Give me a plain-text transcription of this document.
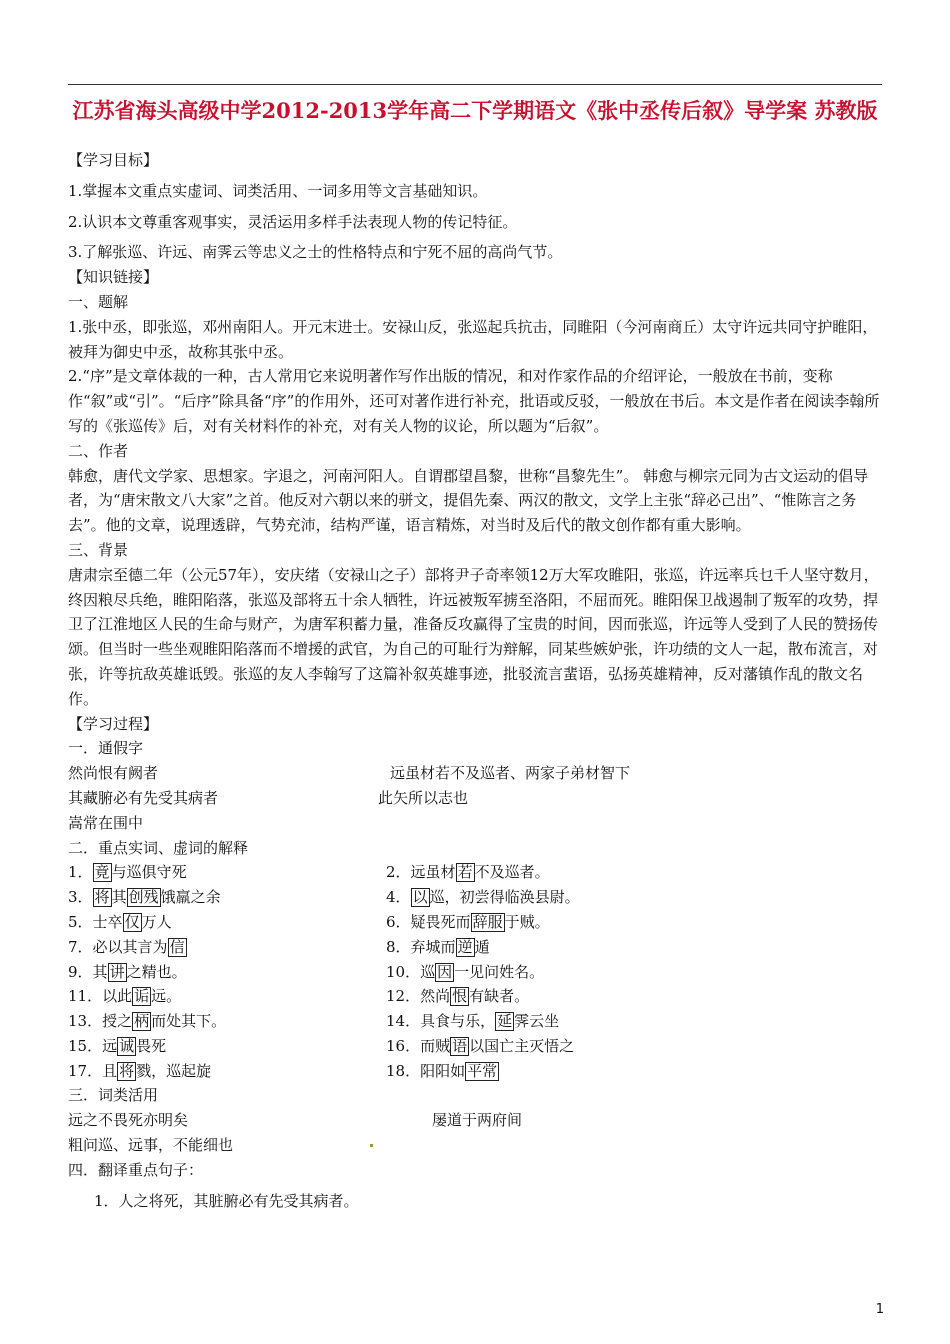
江苏省海头高级中学2012-2013学年高二下学期语文《张中丞传后叙》导学案 苏教版
【学习目标】
1.掌握本文重点实虚词、词类活用、一词多用等文言基础知识。
2.认识本文尊重客观事实，灵活运用多样手法表现人物的传记特征。
3.了解张巡、许远、南霁云等忠义之士的性格特点和宁死不屈的高尚气节。
【知识链接】
一、题解
1.张中丞，即张巡，邓州南阳人。开元末进士。安禄山反，张巡起兵抗击，同睢阳（今河南商丘）太守许远共同守护睢阳，被拜为御史中丞，故称其张中丞。
2.“序”是文章体裁的一种，古人常用它来说明著作写作出版的情况，和对作家作品的介绍评论，一般放在书前，变称作“叙”或“引”。“后序”除具备“序”的作用外，还可对著作进行补充，批语或反驳，一般放在书后。本文是作者在阅读李翰所写的《张巡传》后，对有关材料作的补充，对有关人物的议论，所以题为“后叙”。
二、作者
韩愈，唐代文学家、思想家。字退之，河南河阳人。自谓郡望昌黎，世称“昌黎先生”。 韩愈与柳宗元同为古文运动的倡导者，为“唐宋散文八大家”之首。他反对六朝以来的骈文，提倡先秦、两汉的散文，文学上主张“辞必己出”、“惟陈言之务去”。他的文章，说理透辟，气势充沛，结构严谨，语言精炼，对当时及后代的散文创作都有重大影响。
三、背景
唐肃宗至德二年（公元57年），安庆绪（安禄山之子）部将尹子奇率领12万大军攻睢阳，张巡，许远率兵乜千人坚守数月，终因粮尽兵绝，睢阳陷落，张巡及部将五十余人牺牲，许远被叛军掳至洛阳，不屈而死。睢阳保卫战遏制了叛军的攻势，捍卫了江淮地区人民的生命与财产，为唐军积蓄力量，准备反攻赢得了宝贵的时间，因而张巡，许远等人受到了人民的赞扬传颂。但当时一些坐观睢阳陷落而不增援的武官，为自己的可耻行为辩解，同某些嫉妒张，许功绩的文人一起，散布流言，对张，许等抗敌英雄诋毁。张巡的友人李翰写了这篇补叙英雄事迹，批驳流言蜚语，弘扬英雄精神，反对藩镇作乱的散文名作。
【学习过程】
一．通假字
然尚恨有阙者	远虽材若不及巡者、两家子弟材智下
其藏腑必有先受其病者	此矢所以志也
嵩常在围中
二．重点实词、虚词的解释
1． 竟 与巡俱守死	2．远虽材 若 不及巡者。
3． 将 其 创残 饿羸之余	4． 以 巡，初尝得临涣县尉。
5．士卒 仅 万人	6．疑畏死而 辞服 于贼。
7．必以其言为 信	8．弃城而 逆 遁
9．其 讲 之精也。	10．巡 因 一见问姓名。
11．以此 诟 远。	12．然尚 恨 有缺者。
13．授之 柄 而处其下。	14．具食与乐， 延 霁云坐
15．远 诚 畏死	16．而贼 语 以国亡主灭悟之
17．且 将 戮，巡起旋	18．阳阳如 平常
三．词类活用
远之不畏死亦明矣	屡道于两府间
粗问巡、远事，不能细也
四．翻译重点句子：
1．人之将死，其脏腑必有先受其病者。
1
